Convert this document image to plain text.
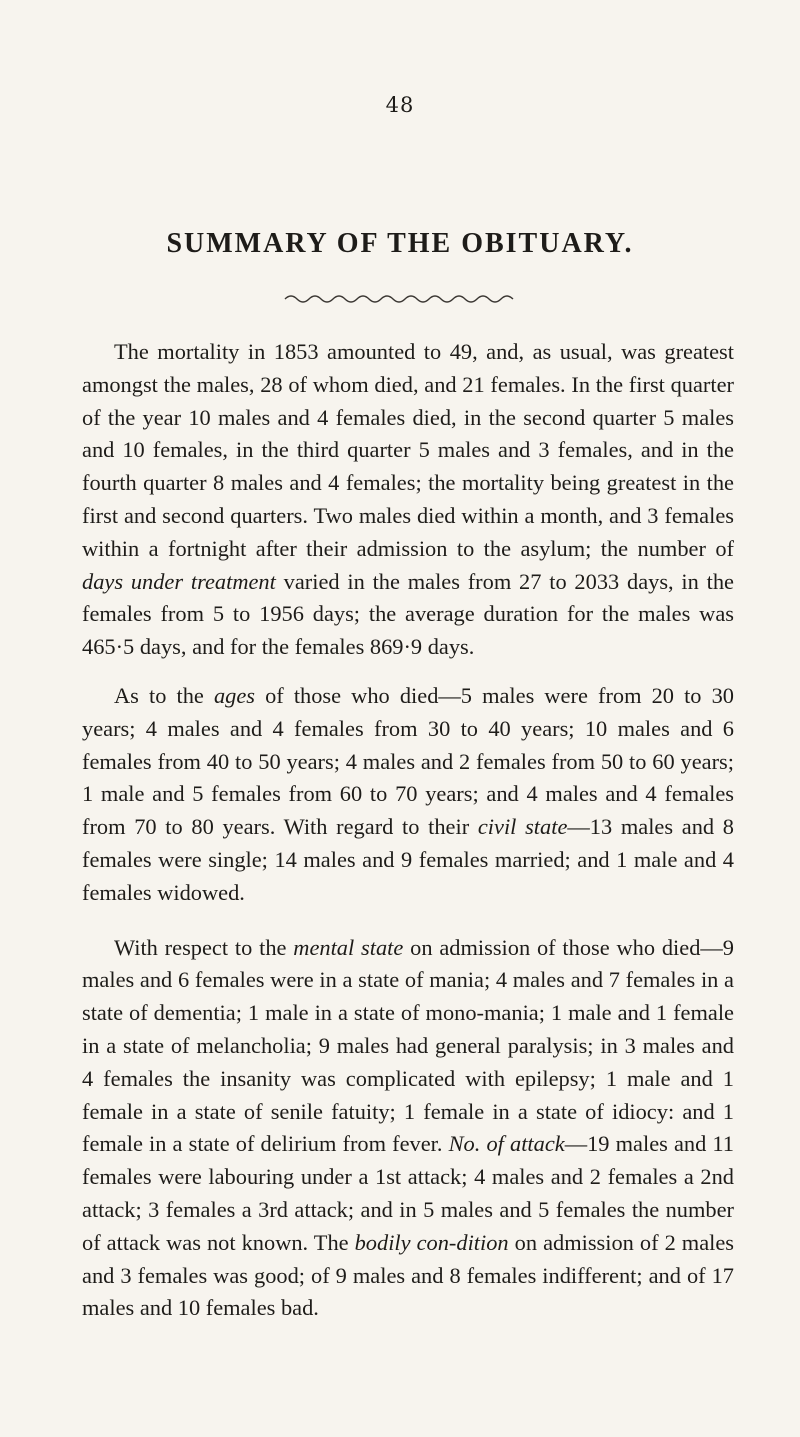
48
SUMMARY OF THE OBITUARY.

The mortality in 1853 amounted to 49, and, as usual, was greatest amongst the males, 28 of whom died, and 21 females. In the first quarter of the year 10 males and 4 females died, in the second quarter 5 males and 10 females, in the third quarter 5 males and 3 females, and in the fourth quarter 8 males and 4 females; the mortality being greatest in the first and second quarters. Two males died within a month, and 3 females within a fortnight after their admission to the asylum; the number of days under treatment varied in the males from 27 to 2033 days, in the females from 5 to 1956 days; the average duration for the males was 465·5 days, and for the females 869·9 days.

As to the ages of those who died—5 males were from 20 to 30 years; 4 males and 4 females from 30 to 40 years; 10 males and 6 females from 40 to 50 years; 4 males and 2 females from 50 to 60 years; 1 male and 5 females from 60 to 70 years; and 4 males and 4 females from 70 to 80 years. With regard to their civil state—13 males and 8 females were single; 14 males and 9 females married; and 1 male and 4 females widowed.

With respect to the mental state on admission of those who died—9 males and 6 females were in a state of mania; 4 males and 7 females in a state of dementia; 1 male in a state of mono-mania; 1 male and 1 female in a state of melancholia; 9 males had general paralysis; in 3 males and 4 females the insanity was complicated with epilepsy; 1 male and 1 female in a state of senile fatuity; 1 female in a state of idiocy: and 1 female in a state of delirium from fever. No. of attack—19 males and 11 females were labouring under a 1st attack; 4 males and 2 females a 2nd attack; 3 females a 3rd attack; and in 5 males and 5 females the number of attack was not known. The bodily con-dition on admission of 2 males and 3 females was good; of 9 males and 8 females indifferent; and of 17 males and 10 females bad.
